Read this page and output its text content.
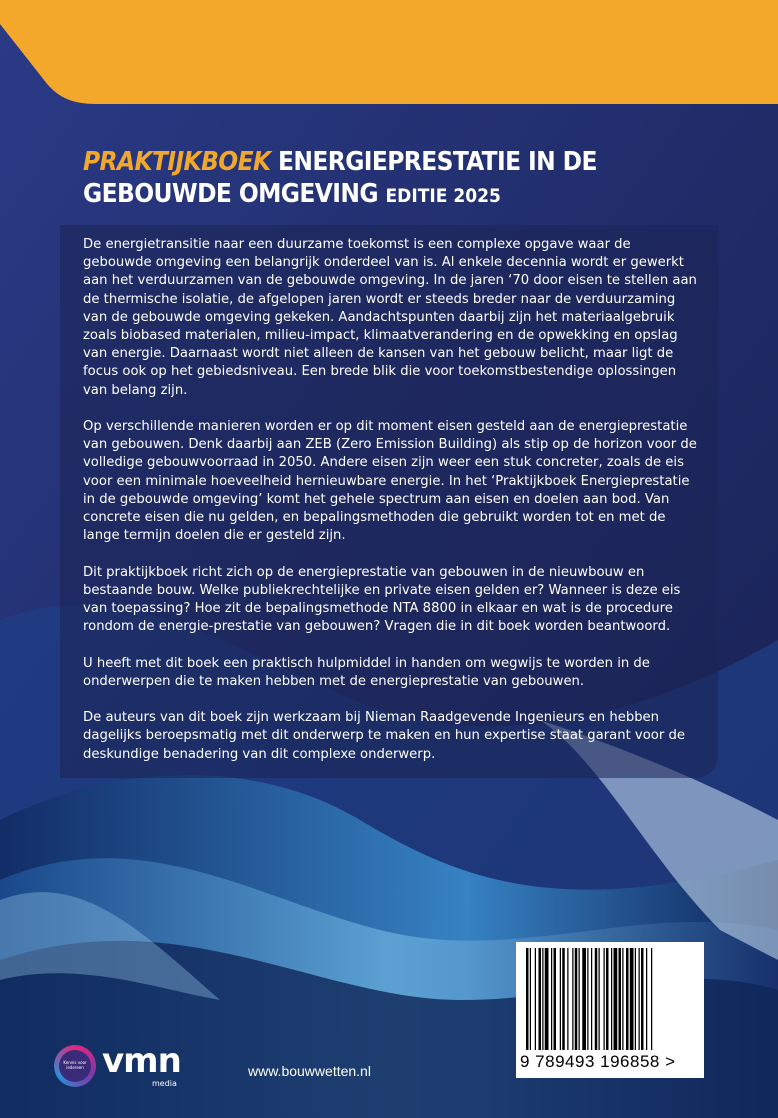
PRAKTIJKBOEK ENERGIEPRESTATIE IN DE
GEBOUWDE OMGEVING EDITIE 2025

De energietransitie naar een duurzame toekomst is een complexe opgave waar de gebouwde omgeving een belangrijk onderdeel van is. Al enkele decennia wordt er gewerkt aan het verduurzamen van de gebouwde omgeving. In de jaren ‘70 door eisen te stellen aan de thermische isolatie, de afgelopen jaren wordt er steeds breder naar de verduurzaming van de gebouwde omgeving gekeken. Aandachtspunten daarbij zijn het materiaalgebruik zoals biobased materialen, milieu-impact, klimaatverandering en de opwekking en opslag van energie. Daarnaast wordt niet alleen de kansen van het gebouw belicht, maar ligt de focus ook op het gebiedsniveau. Een brede blik die voor toekomstbestendige oplossingen van belang zijn.

Op verschillende manieren worden er op dit moment eisen gesteld aan de energieprestatie van gebouwen. Denk daarbij aan ZEB (Zero Emission Building) als stip op de horizon voor de volledige gebouwvoorraad in 2050. Andere eisen zijn weer een stuk concreter, zoals de eis voor een minimale hoeveelheid hernieuwbare energie. In het ‘Praktijkboek Energieprestatie in de gebouwde omgeving’ komt het gehele spectrum aan eisen en doelen aan bod. Van concrete eisen die nu gelden, en bepalingsmethoden die gebruikt worden tot en met de lange termijn doelen die er gesteld zijn.

Dit praktijkboek richt zich op de energieprestatie van gebouwen in de nieuwbouw en bestaande bouw. Welke publiekrechtelijke en private eisen gelden er? Wanneer is deze eis van toepassing? Hoe zit de bepalingsmethode NTA 8800 in elkaar en wat is de procedure rondom de energie-prestatie van gebouwen? Vragen die in dit boek worden beantwoord.

U heeft met dit boek een praktisch hulpmiddel in handen om wegwijs te worden in de onderwerpen die te maken hebben met de energieprestatie van gebouwen.

De auteurs van dit boek zijn werkzaam bij Nieman Raadgevende Ingenieurs en hebben dagelijks beroepsmatig met dit onderwerp te maken en hun expertise staat garant voor de deskundige benadering van dit complexe onderwerp.

9 789493 196858 >
Kennis voor iedereen vmn
media
www.bouwwetten.nl
